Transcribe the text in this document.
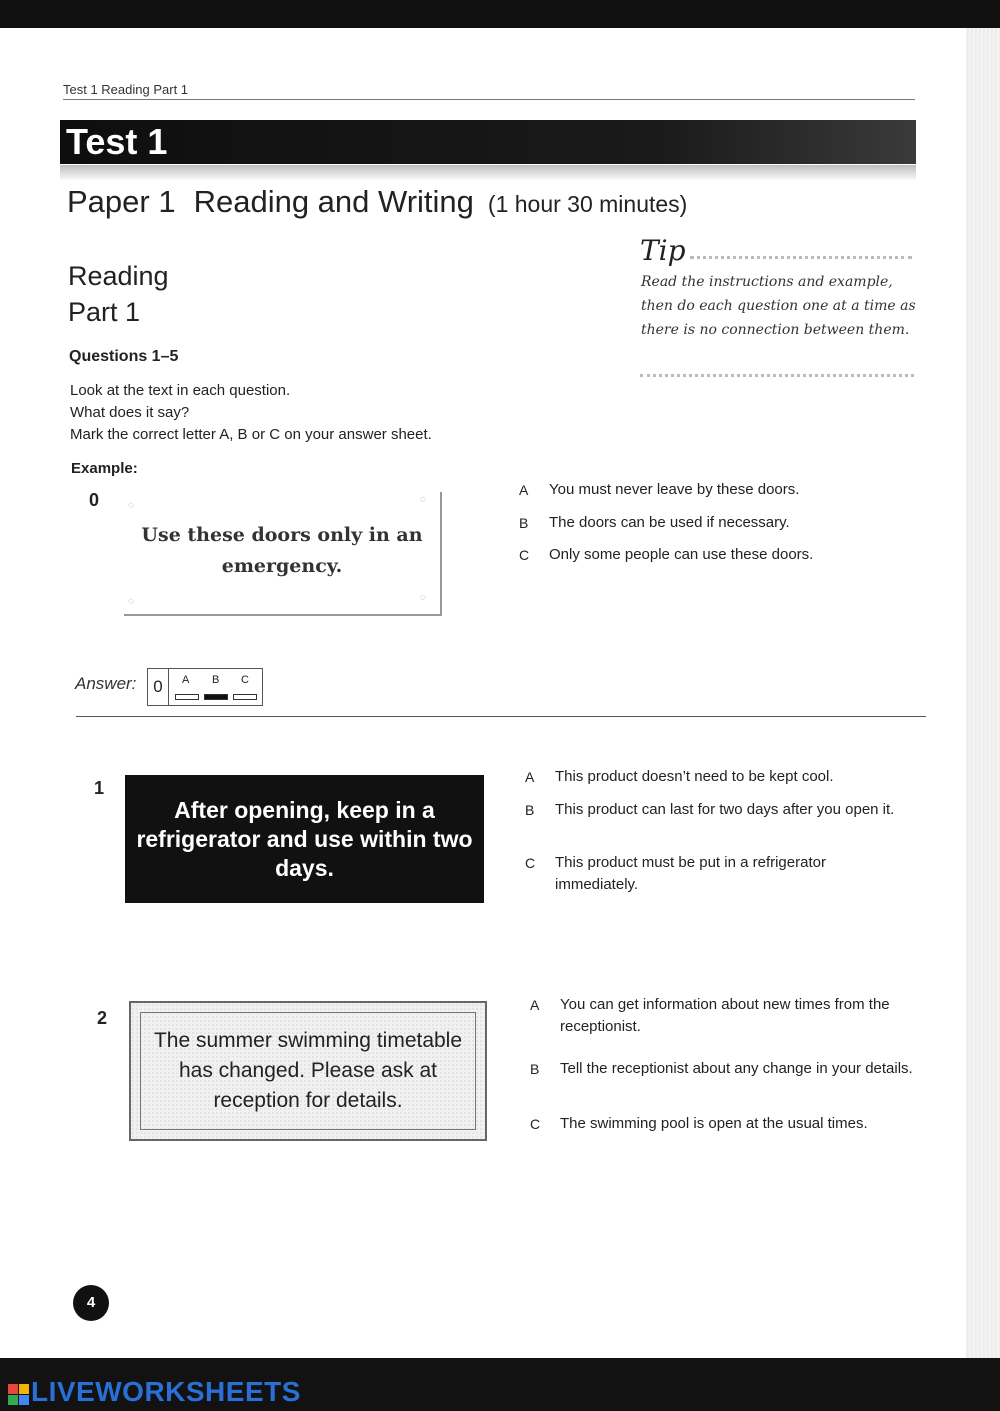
Test 1 Reading Part 1
Test 1
Paper 1 Reading and Writing (1 hour 30 minutes)
Reading
Part 1
Questions 1–5
Look at the text in each question.
What does it say?
Mark the correct letter A, B or C on your answer sheet.
Example:
Tip
Read the instructions and example, then do each question one at a time as there is no connection between them.
0	◌
◌
◌	◌
Use these doors only in an emergency.
A You must never leave by these doors.
B The doors can be used if necessary.
C Only some people can use these doors.
Answer: 0	A B C
1
After opening, keep in a refrigerator and use within two days.
A This product doesn’t need to be kept cool.
B This product can last for two days after you open it.
C This product must be put in a refrigerator immediately.
2
The summer swimming timetable has changed. Please ask at reception for details.
A You can get information about new times from the receptionist.
B Tell the receptionist about any change in your details.
C The swimming pool is open at the usual times.
4
LIVEWORKSHEETS
